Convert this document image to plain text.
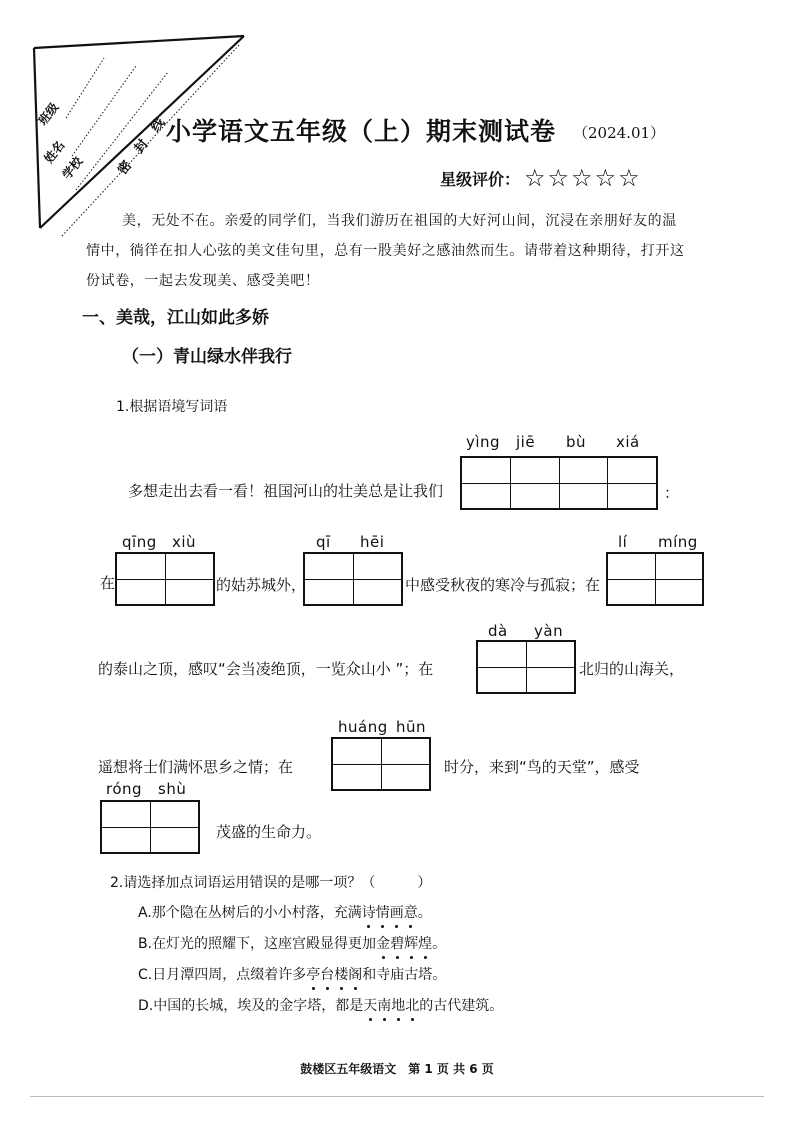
班级
姓名
学校 密封线
小学语文五年级（上）期末测试卷 （2024.01）
星级评价： ☆ ☆ ☆ ☆ ☆
美，无处不在。亲爱的同学们，当我们游历在祖国的大好河山间，沉浸在亲朋好友的温情中，徜徉在扣人心弦的美文佳句里，总有一股美好之感油然而生。请带着这种期待，打开这份试卷，一起去发现美、感受美吧！
一、美哉，江山如此多娇
（一）青山绿水伴我行
1.根据语境写词语
yìng jiē bù xiá
多想走出去看一看！祖国河山的壮美总是让我们	：
在
qīng xiù
的姑苏城外，
qī hēi
中感受秋夜的寒冷与孤寂；在
lí míng
的泰山之顶，感叹“会当凌绝顶，一览众山小 ”；在
dà yàn
北归的山海关，
遥想将士们满怀思乡之情；在
huáng hūn
时分，来到“鸟的天堂”，感受
róng shù
茂盛的生命力。
2.请选择加点词语运用错误的是哪一项？（　　　）
A.那个隐在丛树后的小小村落，充满诗情画意。
B.在灯光的照耀下，这座宫殿显得更加金碧辉煌。
C.日月潭四周，点缀着许多亭台楼阁和寺庙古塔。
D.中国的长城，埃及的金字塔，都是天南地北的古代建筑。
鼓楼区五年级语文　第 1 页 共 6 页
